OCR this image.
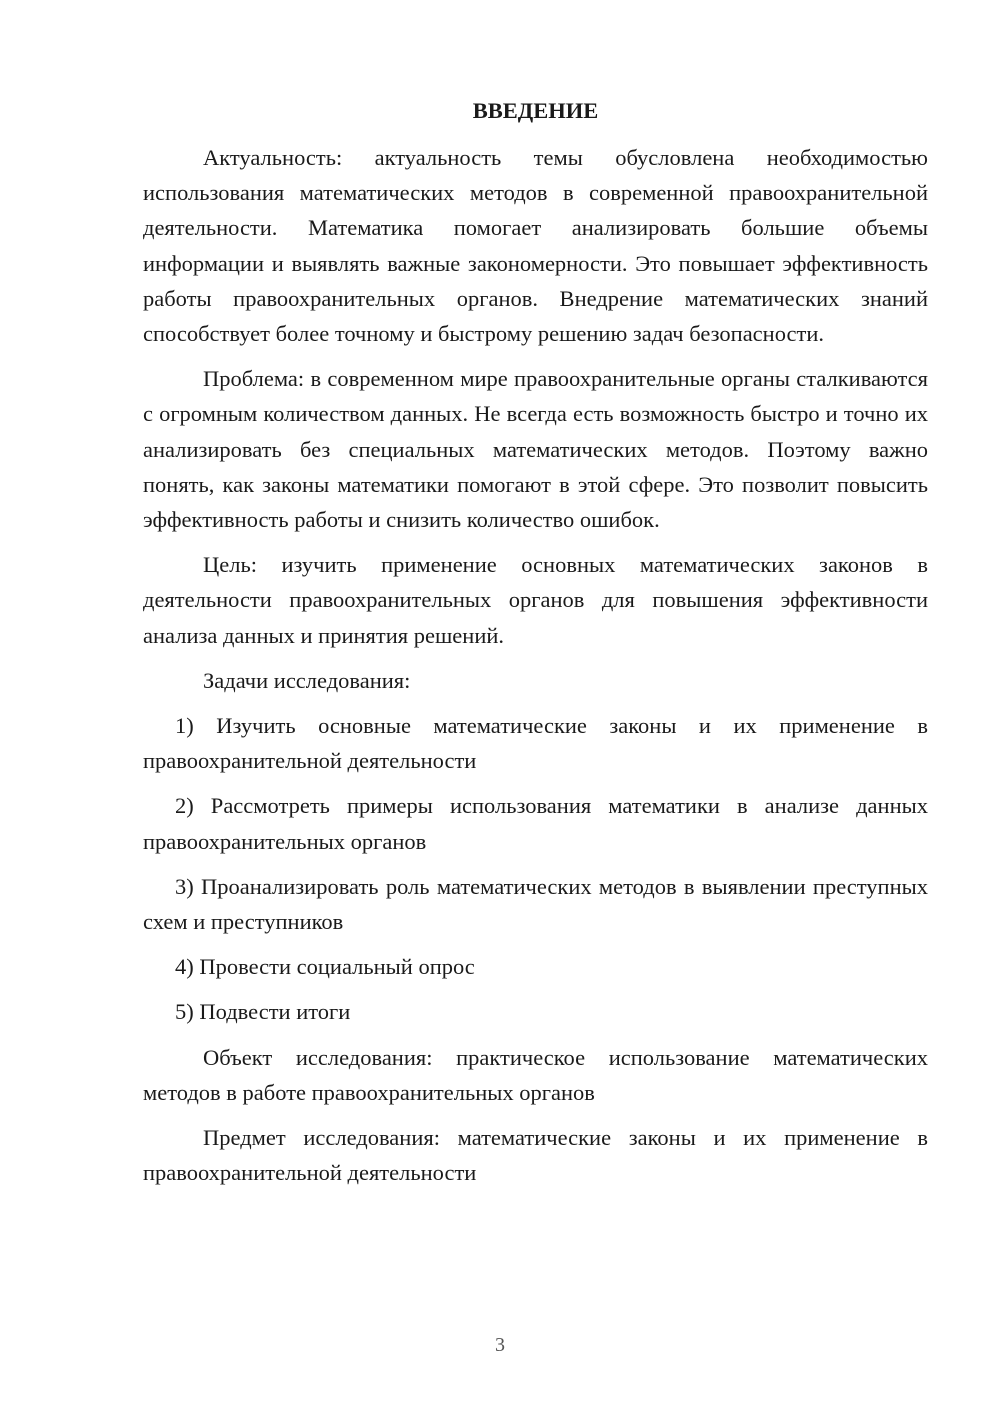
ВВЕДЕНИЕ

Актуальность: актуальность темы обусловлена необходимостью использования математических методов в современной правоохранительной деятельности. Математика помогает анализировать большие объемы информации и выявлять важные закономерности. Это повышает эффективность работы правоохранительных органов. Внедрение математических знаний способствует более точному и быстрому решению задач безопасности.

Проблема: в современном мире правоохранительные органы сталкиваются с огромным количеством данных. Не всегда есть возможность быстро и точно их анализировать без специальных математических методов. Поэтому важно понять, как законы математики помогают в этой сфере. Это позволит повысить эффективность работы и снизить количество ошибок.

Цель: изучить применение основных математических законов в деятельности правоохранительных органов для повышения эффективности анализа данных и принятия решений.

Задачи исследования:

1) Изучить основные математические законы и их применение в правоохранительной деятельности

2) Рассмотреть примеры использования математики в анализе данных правоохранительных органов

3) Проанализировать роль математических методов в выявлении преступных схем и преступников

4) Провести социальный опрос

5) Подвести итоги

Объект исследования: практическое использование математических методов в работе правоохранительных органов

Предмет исследования: математические законы и их применение в правоохранительной деятельности

3
